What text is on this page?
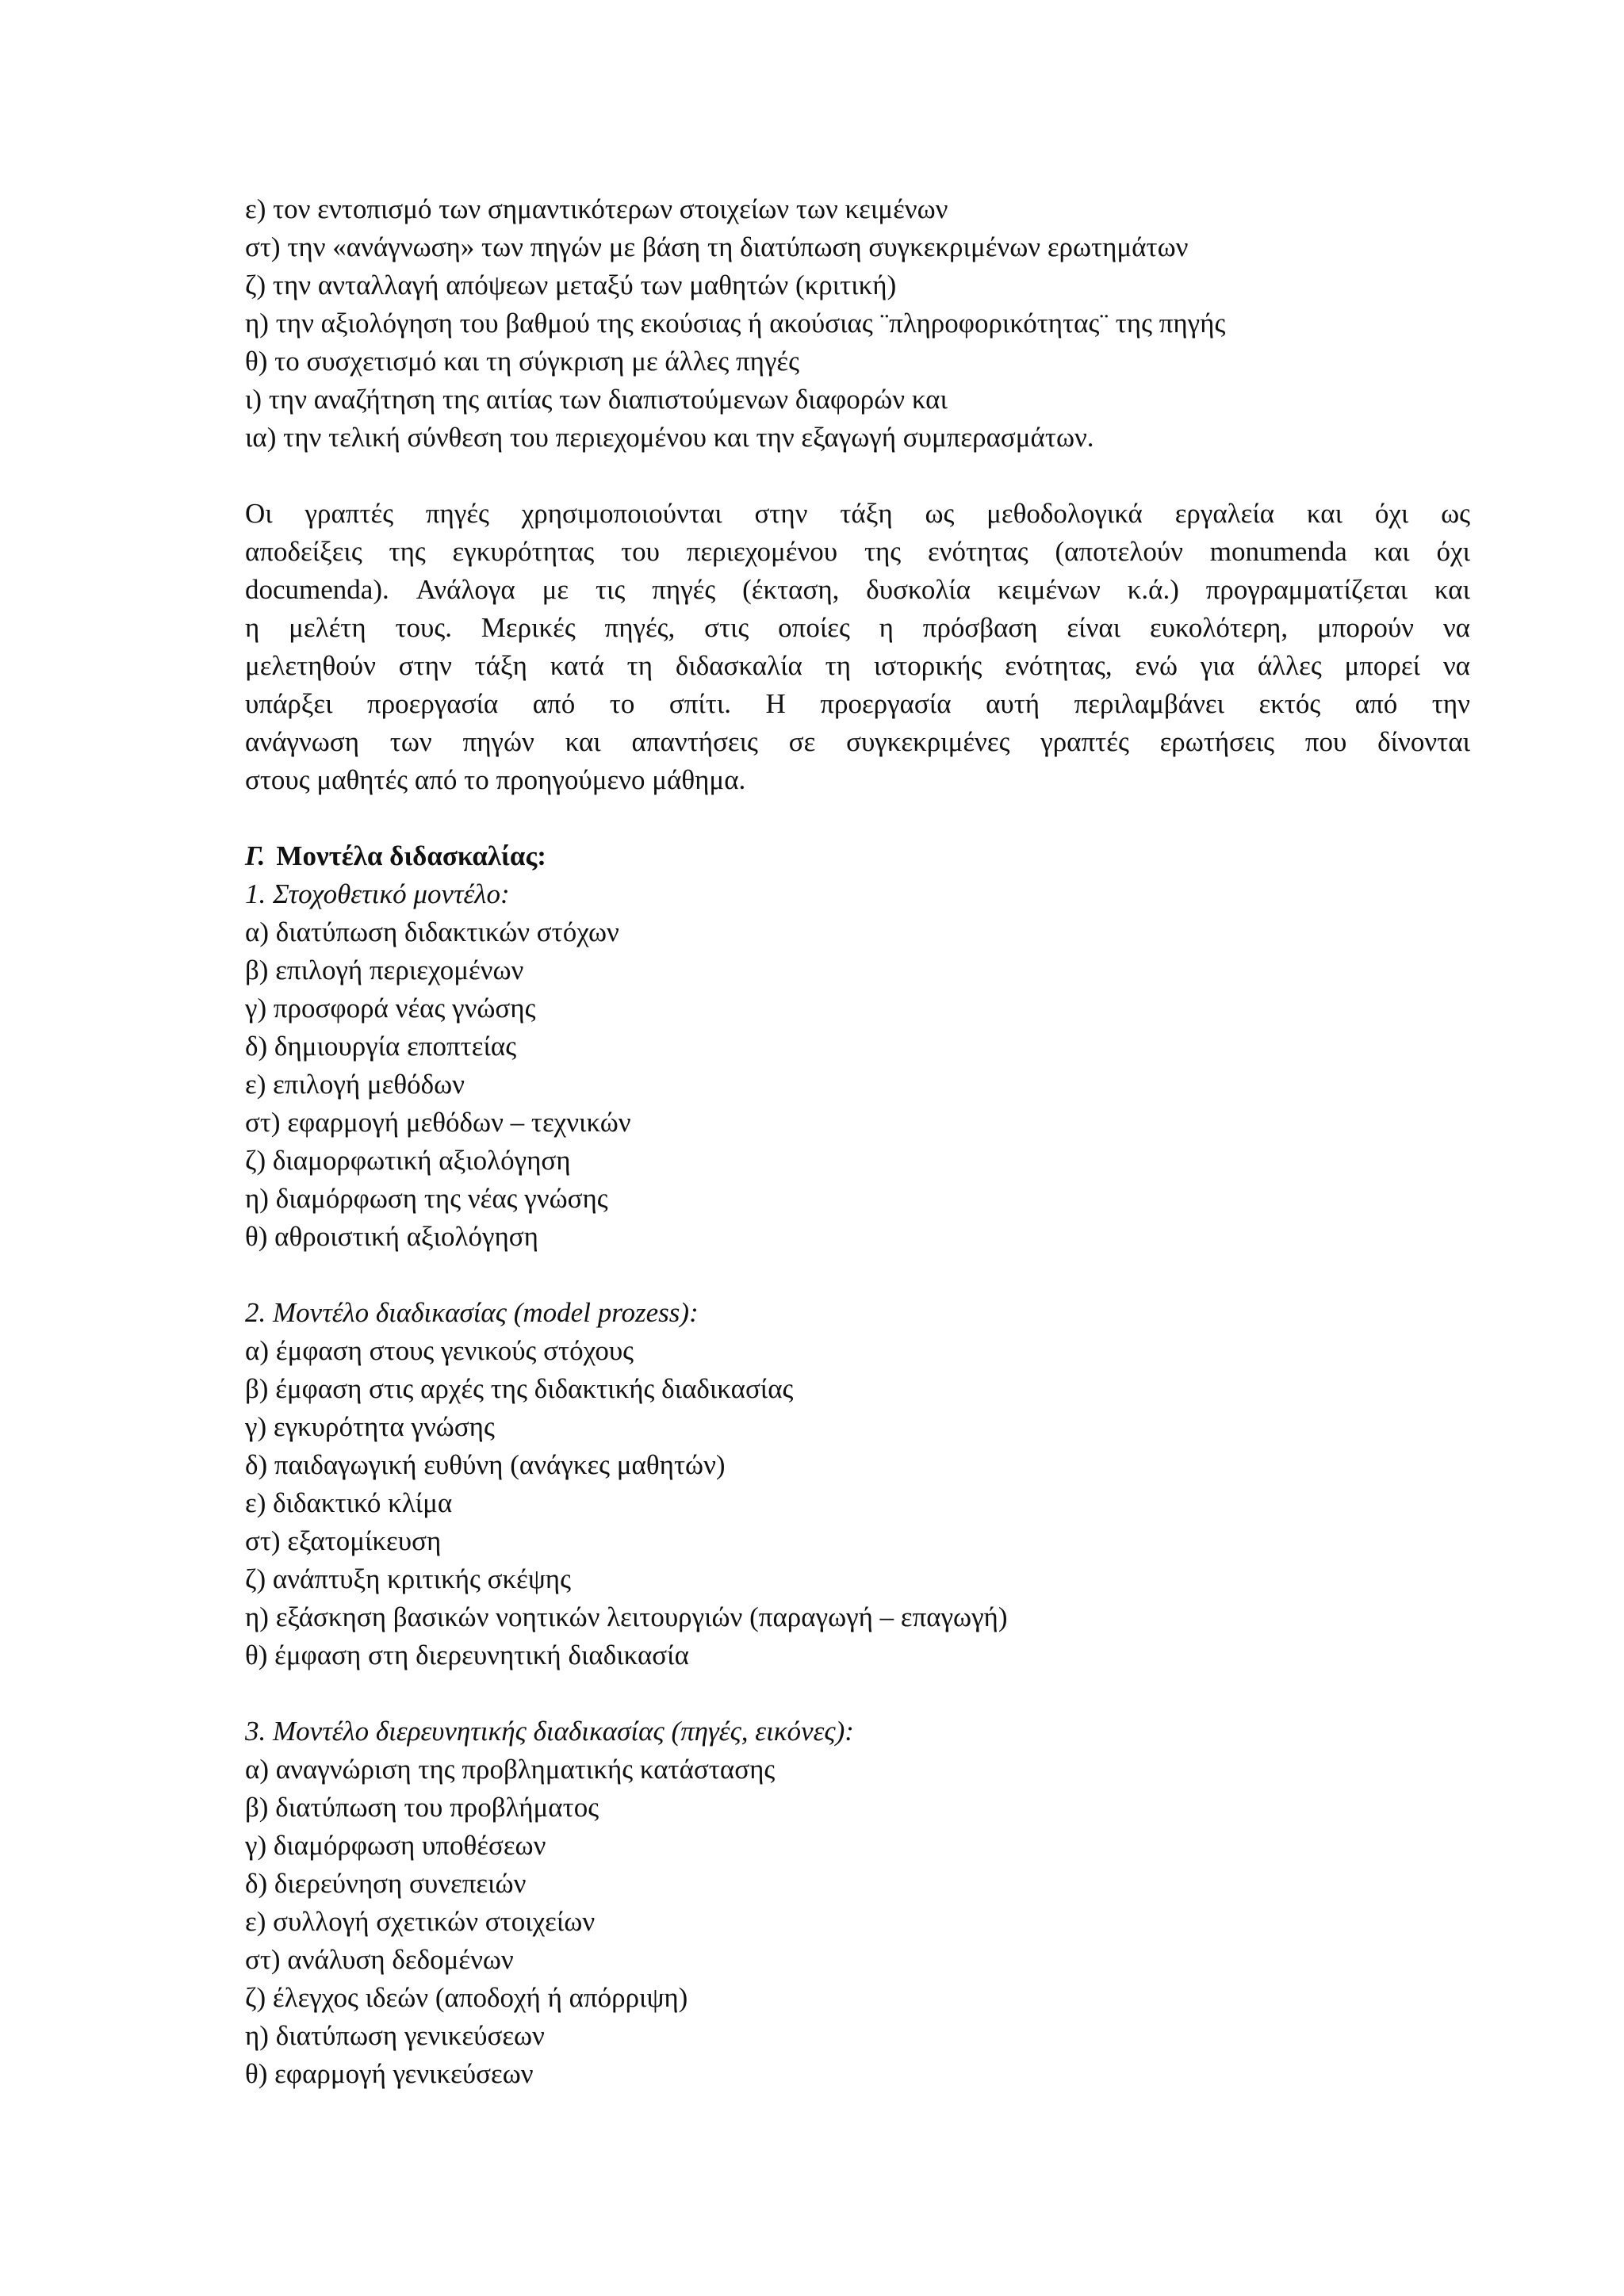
ε) τον εντοπισμό των σημαντικότερων στοιχείων των κειμένων
στ) την «ανάγνωση» των πηγών με βάση τη διατύπωση συγκεκριμένων ερωτημάτων
ζ) την ανταλλαγή απόψεων μεταξύ των μαθητών (κριτική)
η) την αξιολόγηση του βαθμού της εκούσιας ή ακούσιας ¨πληροφορικότητας¨ της πηγής
θ) το συσχετισμό και τη σύγκριση με άλλες πηγές
ι) την αναζήτηση της αιτίας των διαπιστούμενων διαφορών και
ια) την τελική σύνθεση του περιεχομένου και την εξαγωγή συμπερασμάτων.
Οι γραπτές πηγές χρησιμοποιούνται στην τάξη ως μεθοδολογικά εργαλεία και όχι ως
αποδείξεις της εγκυρότητας του περιεχομένου της ενότητας (αποτελούν monumenda και όχι
documenda). Ανάλογα με τις πηγές (έκταση, δυσκολία κειμένων κ.ά.) προγραμματίζεται και
η μελέτη τους. Μερικές πηγές, στις οποίες η πρόσβαση είναι ευκολότερη, μπορούν να
μελετηθούν στην τάξη κατά τη διδασκαλία τη ιστορικής ενότητας, ενώ για άλλες μπορεί να
υπάρξει προεργασία από το σπίτι. Η προεργασία αυτή περιλαμβάνει εκτός από την
ανάγνωση των πηγών και απαντήσεις σε συγκεκριμένες γραπτές ερωτήσεις που δίνονται
στους μαθητές από το προηγούμενο μάθημα.
Γ. Μοντέλα διδασκαλίας:
1. Στοχοθετικό μοντέλο:
α) διατύπωση διδακτικών στόχων
β) επιλογή περιεχομένων
γ) προσφορά νέας γνώσης
δ) δημιουργία εποπτείας
ε) επιλογή μεθόδων
στ) εφαρμογή μεθόδων – τεχνικών
ζ) διαμορφωτική αξιολόγηση
η) διαμόρφωση της νέας γνώσης
θ) αθροιστική αξιολόγηση
2. Μοντέλο διαδικασίας (model prozess):
α) έμφαση στους γενικούς στόχους
β) έμφαση στις αρχές της διδακτικής διαδικασίας
γ) εγκυρότητα γνώσης
δ) παιδαγωγική ευθύνη (ανάγκες μαθητών)
ε) διδακτικό κλίμα
στ) εξατομίκευση
ζ) ανάπτυξη κριτικής σκέψης
η) εξάσκηση βασικών νοητικών λειτουργιών (παραγωγή – επαγωγή)
θ) έμφαση στη διερευνητική διαδικασία
3. Μοντέλο διερευνητικής διαδικασίας (πηγές, εικόνες):
α) αναγνώριση της προβληματικής κατάστασης
β) διατύπωση του προβλήματος
γ) διαμόρφωση υποθέσεων
δ) διερεύνηση συνεπειών
ε) συλλογή σχετικών στοιχείων
στ) ανάλυση δεδομένων
ζ) έλεγχος ιδεών (αποδοχή ή απόρριψη)
η) διατύπωση γενικεύσεων
θ) εφαρμογή γενικεύσεων
